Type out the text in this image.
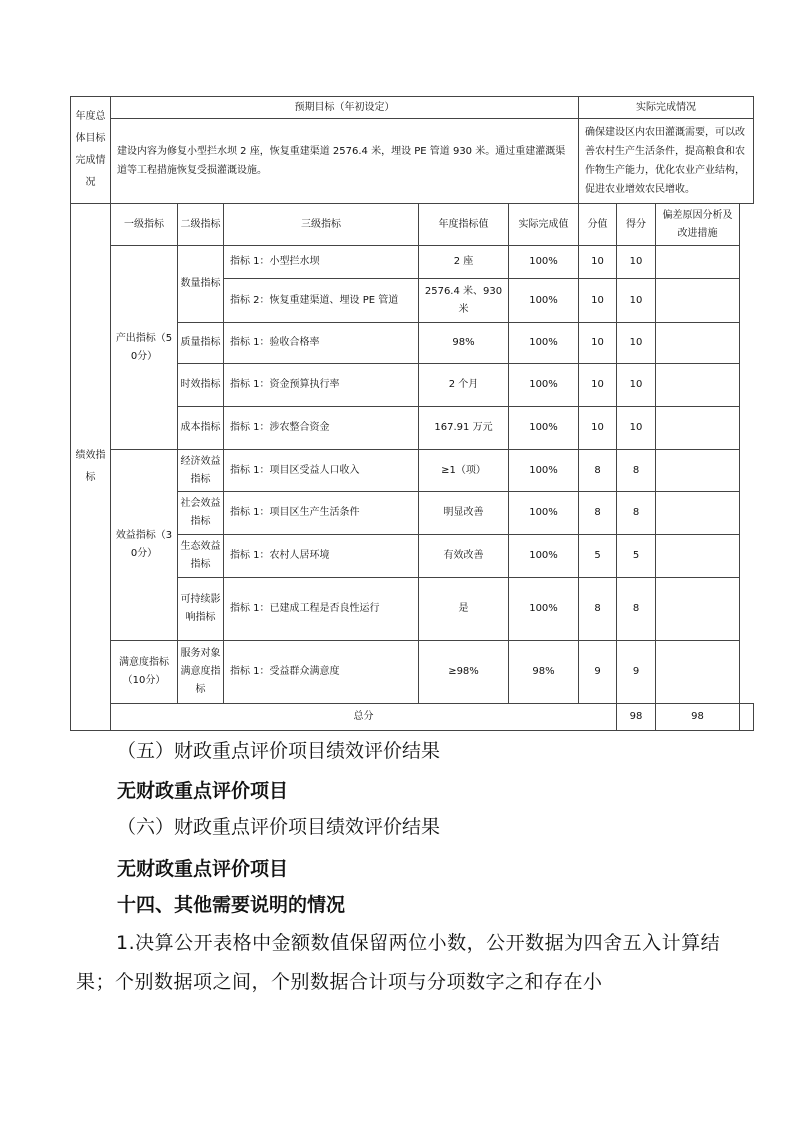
年度总体目标完成情况	预期目标（年初设定）					实际完成情况			
	建设内容为修复小型拦水坝 2 座，恢复重建渠道 2576.4 米，埋设 PE 管道 930 米。通过重建灌溉渠道等工程措施恢复受损灌溉设施。					确保建设区内农田灌溉需要，可以改善农村生产生活条件，提高粮食和农作物生产能力，优化农业产业结构，促进农业增效农民增收。			
绩效指标	一级指标	二级指标	三级指标	年度指标值	实际完成值	分值	得分	偏差原因分析及改进措施	
	产出指标（50分）	数量指标	指标 1：小型拦水坝	2 座	100%	10	10		
			指标 2：恢复重建渠道、埋设 PE 管道	2576.4 米、930 米	100%	10	10		
		质量指标	指标 1：验收合格率	98%	100%	10	10		
		时效指标	指标 1：资金预算执行率	2 个月	100%	10	10		
		成本指标	指标 1：涉农整合资金	167.91 万元	100%	10	10		
	效益指标（30分）	经济效益指标	指标 1：项目区受益人口收入	≥1（项）	100%	8	8		
		社会效益指标	指标 1：项目区生产生活条件	明显改善	100%	8	8		
		生态效益指标	指标 1：农村人居环境	有效改善	100%	5	5		
		可持续影响指标	指标 1：已建成工程是否良性运行	是	100%	8	8		
	满意度指标（10分）	服务对象满意度指标	指标 1：受益群众满意度	≥98%	98%	9	9		
	总分						98	98	
（五）财政重点评价项目绩效评价结果
无财政重点评价项目
（六）财政重点评价项目绩效评价结果
无财政重点评价项目
十四、其他需要说明的情况
1.决算公开表格中金额数值保留两位小数，公开数据为四舍五入计算结果；个别数据项之间，个别数据合计项与分项数字之和存在小
